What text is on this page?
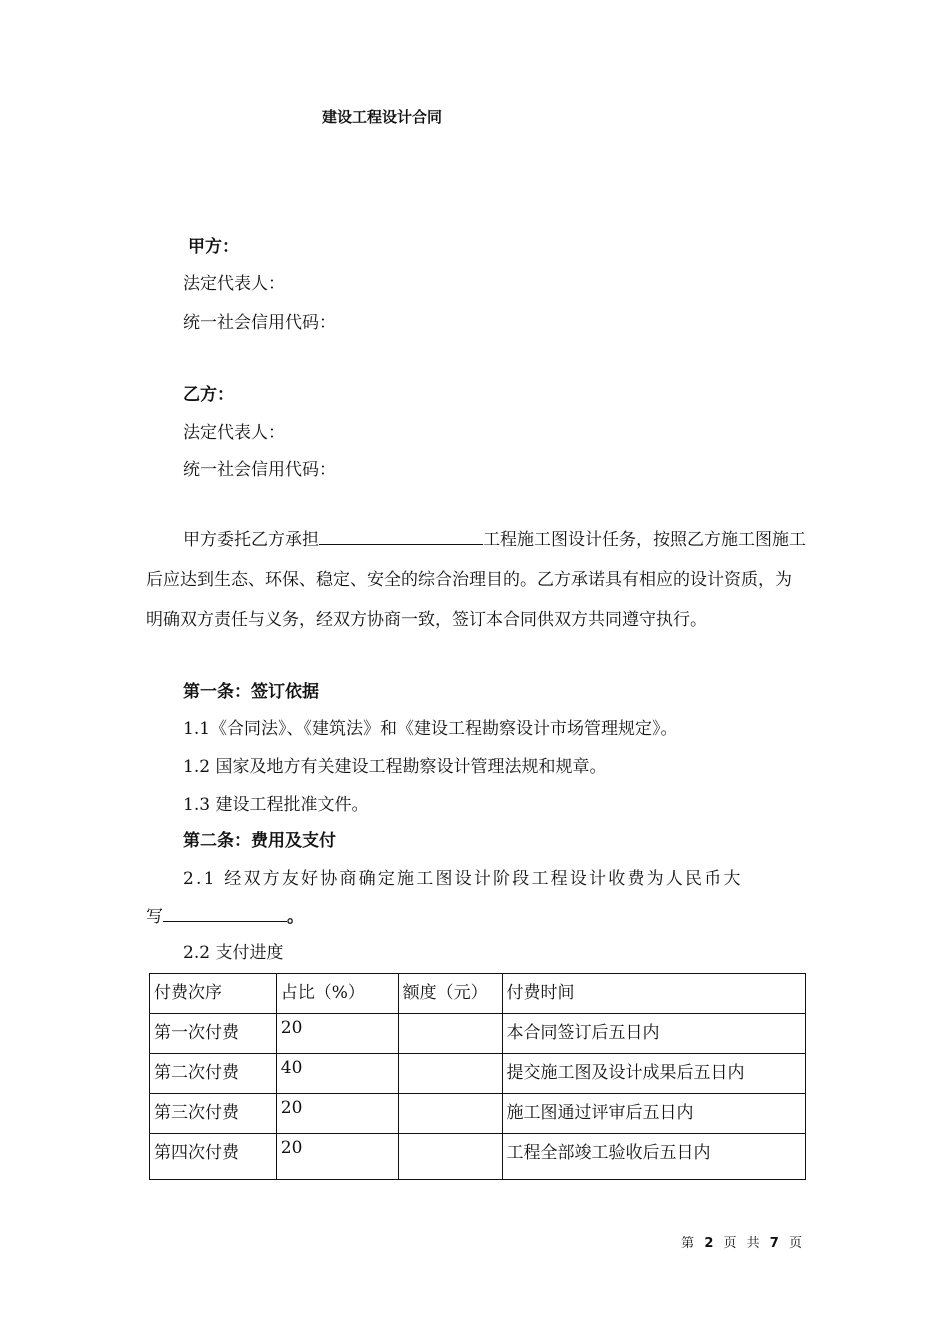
建设工程设计合同
甲方：
法定代表人：
统一社会信用代码：
乙方：
法定代表人：
统一社会信用代码：
甲方委托乙方承担	工程施工图设计任务，按照乙方施工图施工后应达到生态、环保、稳定、安全的综合治理目的。乙方承诺具有相应的设计资质，为明确双方责任与义务，经双方协商一致，签订本合同供双方共同遵守执行。
第一条：签订依据
1.1《合同法》、《建筑法》和《建设工程勘察设计市场管理规定》。
1.2 国家及地方有关建设工程勘察设计管理法规和规章。
1.3 建设工程批准文件。
第二条：费用及支付
2.1 经双方友好协商确定施工图设计阶段工程设计收费为人民币大
写	。
2.2 支付进度
付费次序	占比（%）	额度（元）	付费时间
第一次付费	20		本合同签订后五日内
第二次付费	40		提交施工图及设计成果后五日内
第三次付费	20		施工图通过评审后五日内
第四次付费	20		工程全部竣工验收后五日内
第 2 页 共 7 页
